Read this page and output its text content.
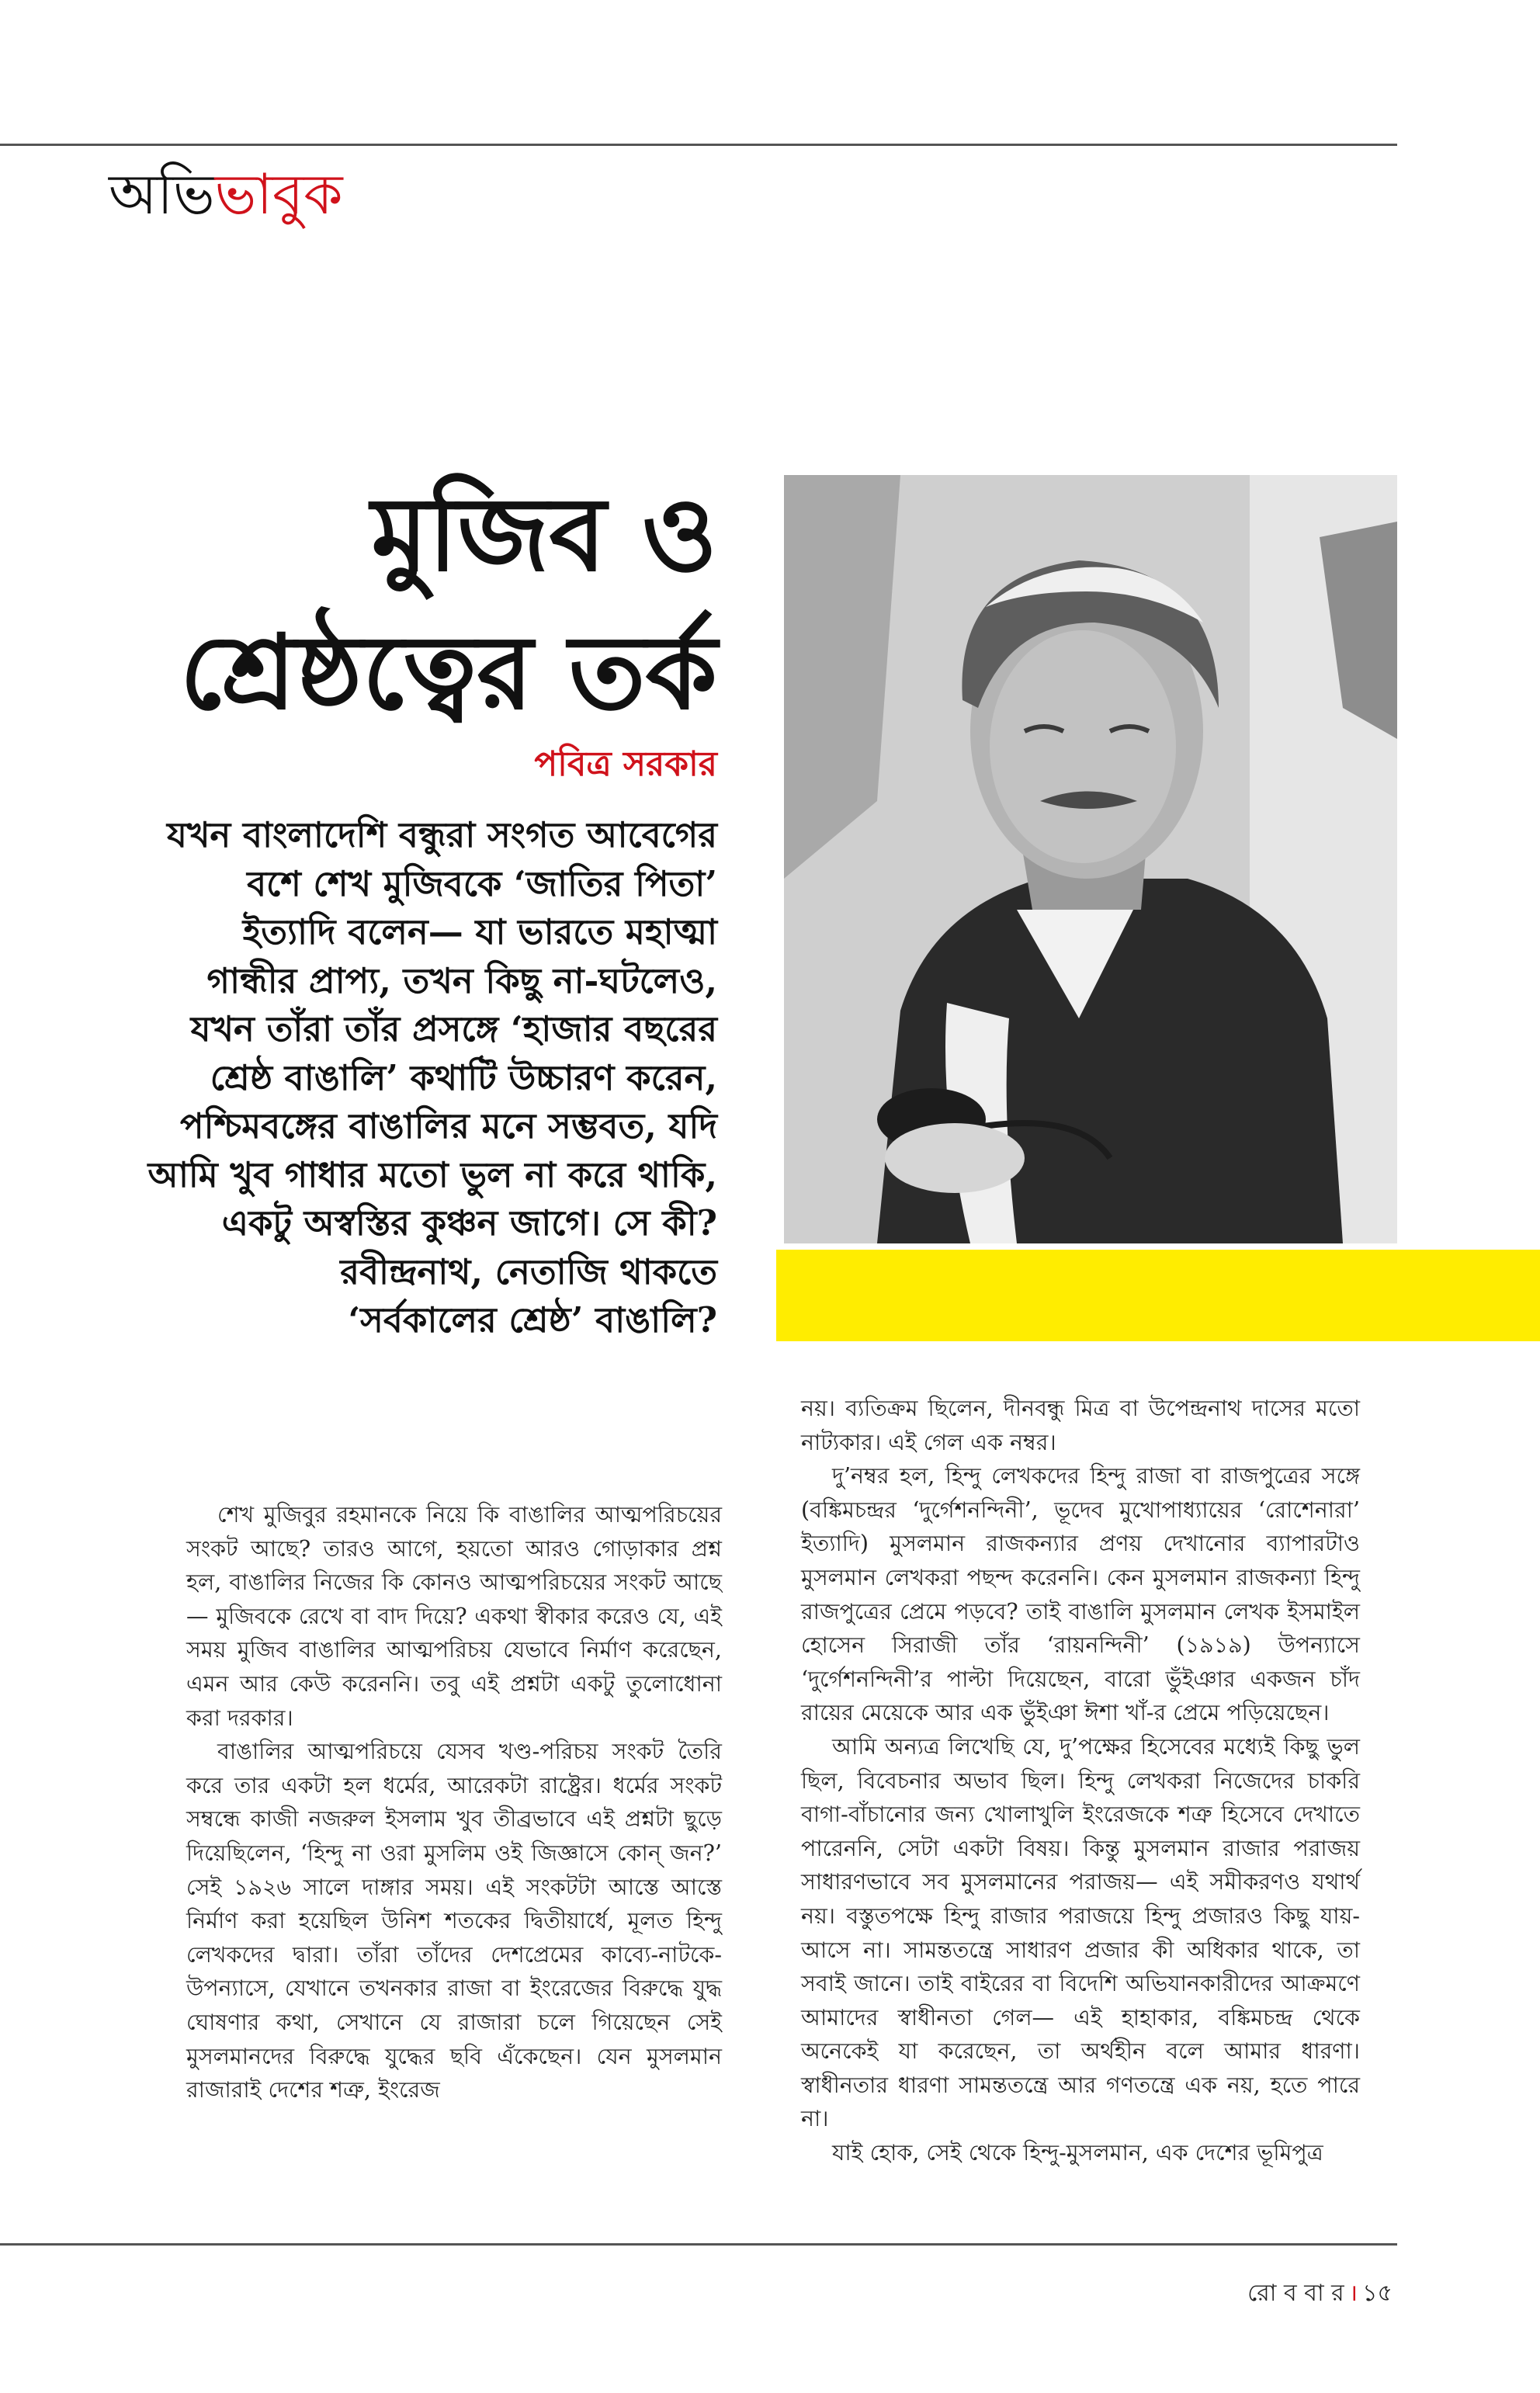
অভিভাবুক
মুজিব ও
শ্রেষ্ঠত্বের তর্ক
পবিত্র সরকার

যখন বাংলাদেশি বন্ধুরা সংগত আবেগের

বশে শেখ মুজিবকে ‘জাতির পিতা’

ইত্যাদি বলেন— যা ভারতে মহাত্মা

গান্ধীর প্রাপ্য, তখন কিছু না-ঘটলেও,

যখন তাঁরা তাঁর প্রসঙ্গে ‘হাজার বছরের

শ্রেষ্ঠ বাঙালি’ কথাটি উচ্চারণ করেন,

পশ্চিমবঙ্গের বাঙালির মনে সম্ভবত, যদি

আমি খুব গাধার মতো ভুল না করে থাকি,

একটু অস্বস্তির কুঞ্চন জাগে। সে কী?

রবীন্দ্রনাথ, নেতাজি থাকতে

‘সর্বকালের শ্রেষ্ঠ’ বাঙালি?

শেখ মুজিবুর রহমানকে নিয়ে কি বাঙালির আত্মপরিচয়ের সংকট আছে? তারও আগে, হয়তো আরও গোড়াকার প্রশ্ন হল, বাঙালির নিজের কি কোনও আত্মপরিচয়ের সংকট আছে— মুজিবকে রেখে বা বাদ দিয়ে? একথা স্বীকার করেও যে, এই সময় মুজিব বাঙালির আত্মপরিচয় যেভাবে নির্মাণ করেছেন, এমন আর কেউ করেননি। তবু এই প্রশ্নটা একটু তুলোধোনা করা দরকার।

বাঙালির আত্মপরিচয়ে যেসব খণ্ড-পরিচয় সংকট তৈরি করে তার একটা হল ধর্মের, আরেকটা রাষ্ট্রের। ধর্মের সংকট সম্বন্ধে কাজী নজরুল ইসলাম খুব তীব্রভাবে এই প্রশ্নটা ছুড়ে দিয়েছিলেন, ‘হিন্দু না ওরা মুসলিম ওই জিজ্ঞাসে কোন্ জন?’ সেই ১৯২৬ সালে দাঙ্গার সময়। এই সংকটটা আস্তে আস্তে নির্মাণ করা হয়েছিল উনিশ শতকের দ্বিতীয়ার্ধে, মূলত হিন্দু লেখকদের দ্বারা। তাঁরা তাঁদের দেশপ্রেমের কাব্যে-নাটকে-উপন্যাসে, যেখানে তখনকার রাজা বা ইংরেজের বিরুদ্ধে যুদ্ধ ঘোষণার কথা, সেখানে যে রাজারা চলে গিয়েছেন সেই মুসলমানদের বিরুদ্ধে যুদ্ধের ছবি এঁকেছেন। যেন মুসলমান রাজারাই দেশের শত্রু, ইংরেজ

নয়। ব্যতিক্রম ছিলেন, দীনবন্ধু মিত্র বা উপেন্দ্রনাথ দাসের মতো নাট্যকার। এই গেল এক নম্বর।

দু’নম্বর হল, হিন্দু লেখকদের হিন্দু রাজা বা রাজপুত্রের সঙ্গে (বঙ্কিমচন্দ্রর ‘দুর্গেশনন্দিনী’, ভূদেব মুখোপাধ্যায়ের ‘রোশেনারা’ ইত্যাদি) মুসলমান রাজকন্যার প্রণয় দেখানোর ব্যাপারটাও মুসলমান লেখকরা পছন্দ করেননি। কেন মুসলমান রাজকন্যা হিন্দু রাজপুত্রের প্রেমে পড়বে? তাই বাঙালি মুসলমান লেখক ইসমাইল হোসেন সিরাজী তাঁর ‘রায়নন্দিনী’ (১৯১৯) উপন্যাসে ‘দুর্গেশনন্দিনী’র পাল্টা দিয়েছেন, বারো ভুঁইঞার একজন চাঁদ রায়ের মেয়েকে আর এক ভুঁইঞা ঈশা খাঁ-র প্রেমে পড়িয়েছেন।

আমি অন্যত্র লিখেছি যে, দু’পক্ষের হিসেবের মধ্যেই কিছু ভুল ছিল, বিবেচনার অভাব ছিল। হিন্দু লেখকরা নিজেদের চাকরি বাগা-বাঁচানোর জন্য খোলাখুলি ইংরেজকে শত্রু হিসেবে দেখাতে পারেননি, সেটা একটা বিষয়। কিন্তু মুসলমান রাজার পরাজয় সাধারণভাবে সব মুসলমানের পরাজয়— এই সমীকরণও যথার্থ নয়। বস্তুতপক্ষে হিন্দু রাজার পরাজয়ে হিন্দু প্রজারও কিছু যায়-আসে না। সামন্ততন্ত্রে সাধারণ প্রজার কী অধিকার থাকে, তা সবাই জানে। তাই বাইরের বা বিদেশি অভিযানকারীদের আক্রমণে আমাদের স্বাধীনতা গেল— এই হাহাকার, বঙ্কিমচন্দ্র থেকে অনেকেই যা করেছেন, তা অর্থহীন বলে আমার ধারণা। স্বাধীনতার ধারণা সামন্ততন্ত্রে আর গণতন্ত্রে এক নয়, হতে পারে না।

যাই হোক, সেই থেকে হিন্দু-মুসলমান, এক দেশের ভূমিপুত্র

রো ব বা র । ১৫
